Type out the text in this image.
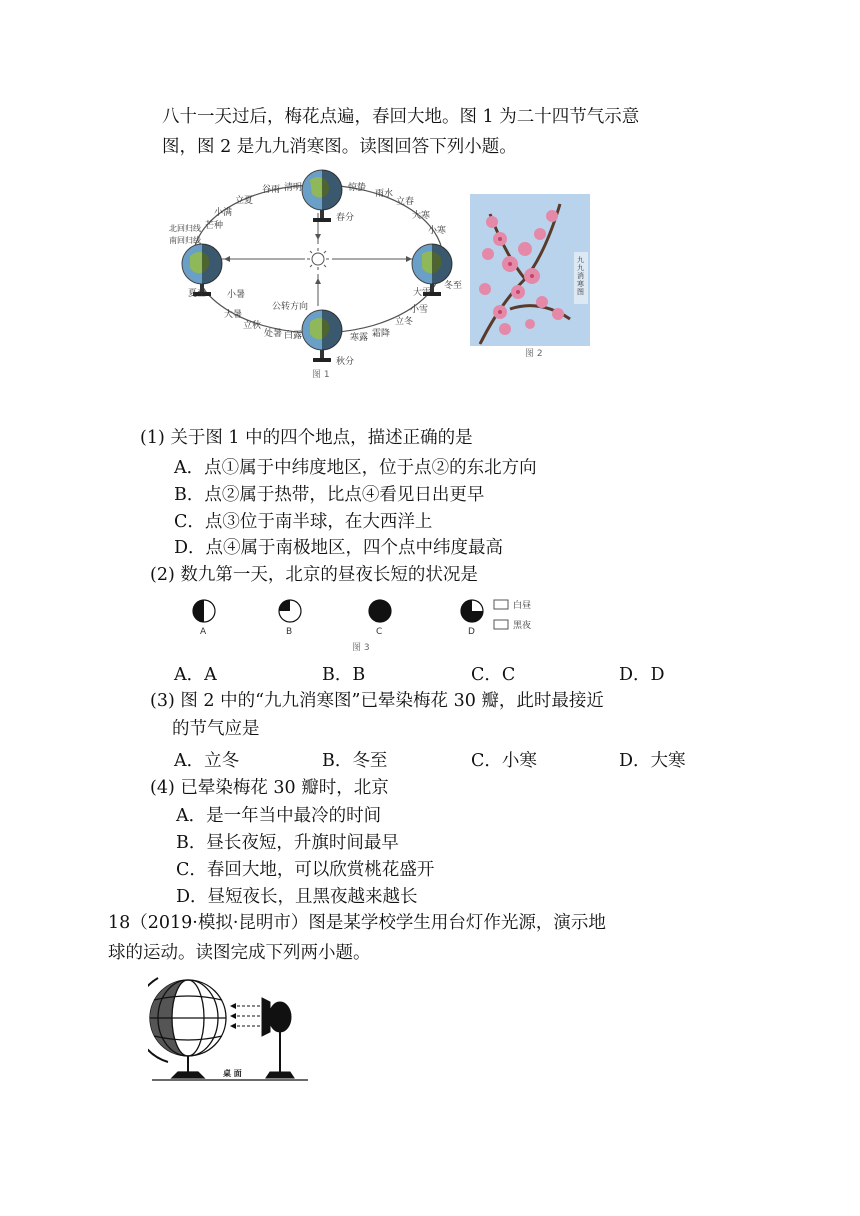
八十一天过后，梅花点遍，春回大地。图 1 为二十四节气示意
图，图 2 是九九消寒图。读图回答下列小题。
立夏
谷雨 清明	惊蛰
雨水
立春
大寒
小寒
小满
芒种
冬至
大雪
小雪
立冬
霜降
寒露
秋分
白露
处暑
立秋
大暑
小暑
夏至
春分
北回归线
南回归线
公转方向
图 1
九九消寒图
图 2
(1) 关于图 1 中的四个地点，描述正确的是
A．点①属于中纬度地区，位于点②的东北方向
B．点②属于热带，比点④看见日出更早
C．点③位于南半球，在大西洋上
D．点④属于南极地区，四个点中纬度最高
(2) 数九第一天，北京的昼夜长短的状况是
A	B	C	D
白昼
黑夜
图 3
A．A	B．B	C．C	D．D
(3) 图 2 中的“九九消寒图”已晕染梅花 30 瓣，此时最接近
的节气应是
A．立冬	B．冬至	C．小寒	D．大寒
(4) 已晕染梅花 30 瓣时，北京
A．是一年当中最冷的时间
B．昼长夜短，升旗时间最早
C．春回大地，可以欣赏桃花盛开
D．昼短夜长，且黑夜越来越长
18（2019·模拟·昆明市）图是某学校学生用台灯作光源，演示地
球的运动。读图完成下列两小题。
桌 面
